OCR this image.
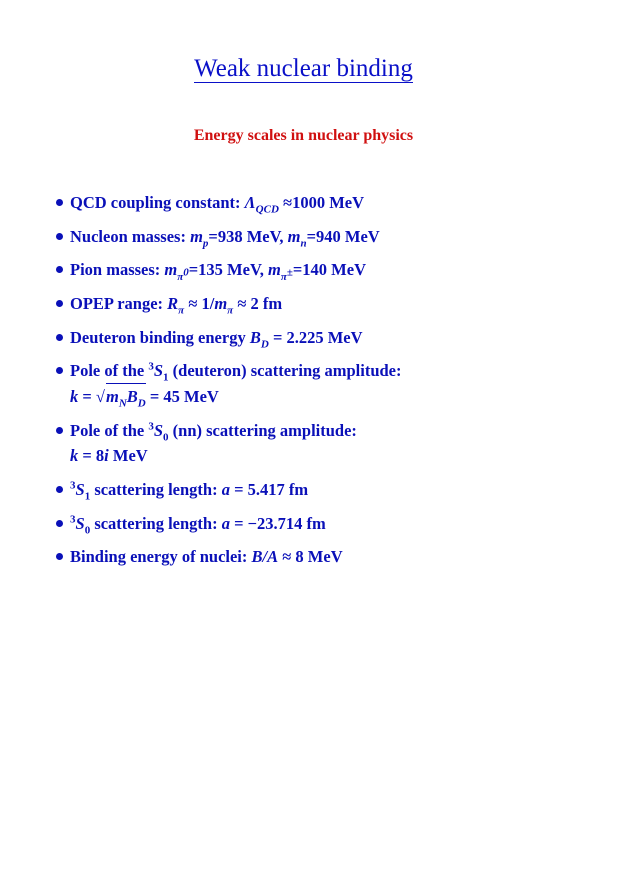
Weak nuclear binding
Energy scales in nuclear physics
QCD coupling constant: $\Lambda_{QCD} \approx 1000$ MeV
Nucleon masses: $m_p=938$ MeV, $m_n=940$ MeV
Pion masses: $m_{\pi^0}=135$ MeV, $m_{\pi^\pm}=140$ MeV
OPEP range: $R_\pi \approx 1/m_\pi \approx 2$ fm
Deuteron binding energy $B_D = 2.225$ MeV
Pole of the $^3S_1$ (deuteron) scattering amplitude:
$k = √m_NB_D = 45$ MeV
Pole of the $^3S_0$ (nn) scattering amplitude:
k = 8i MeV
$^3S_1$ scattering length: a = 5.417 fm
$^3S_0$ scattering length: a = −23.714 fm
Binding energy of nuclei: B/A ≈ 8 MeV
